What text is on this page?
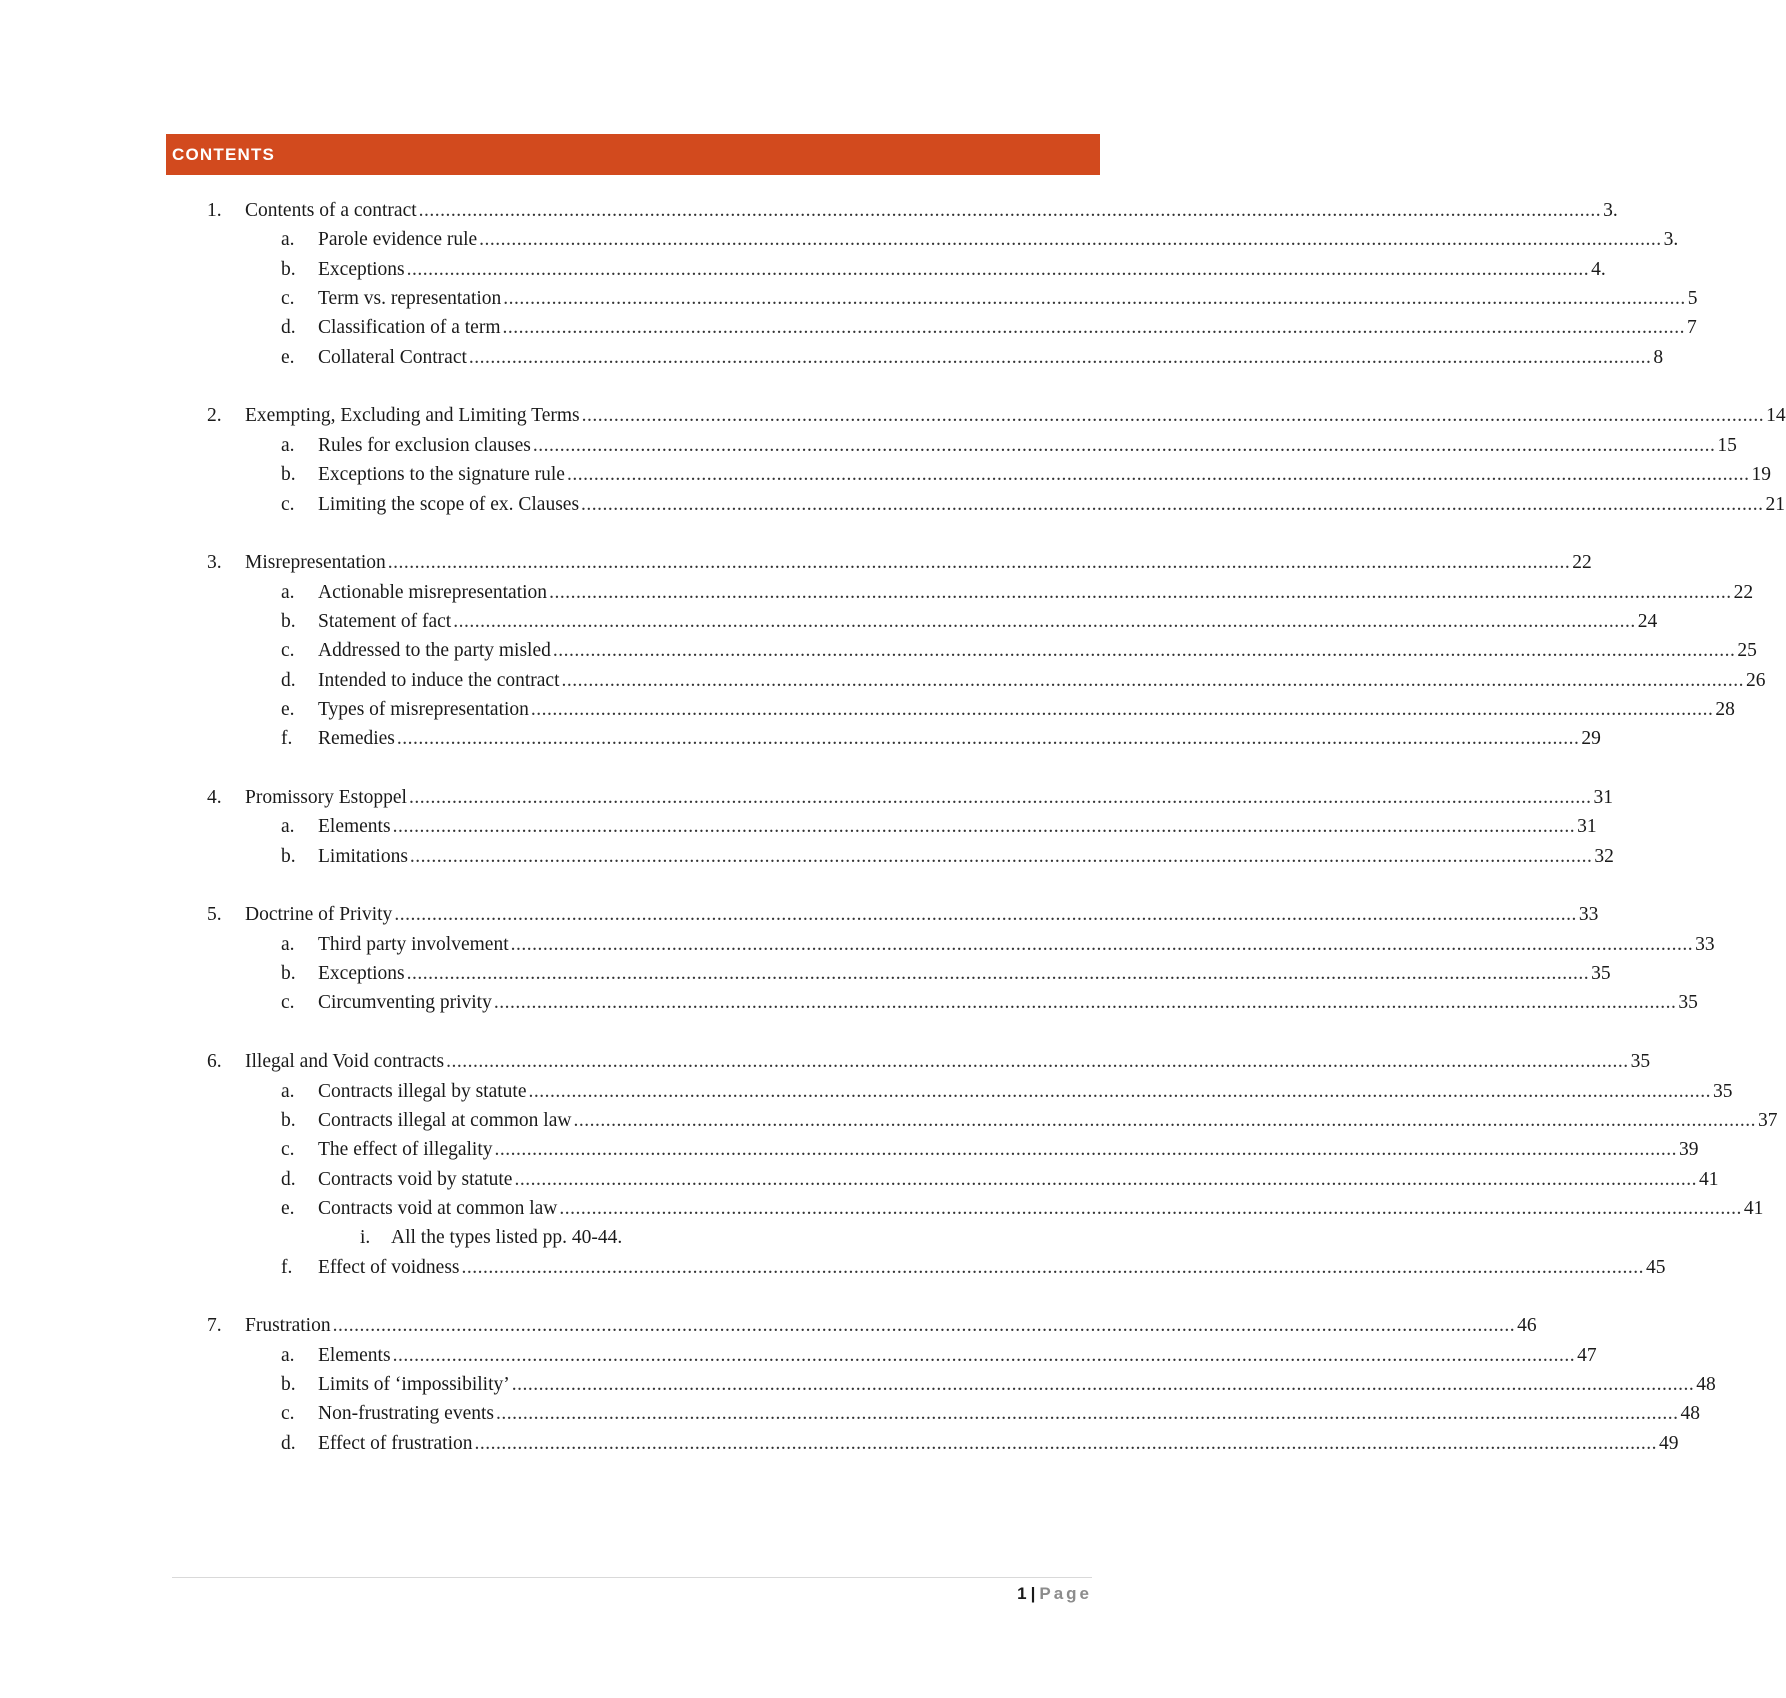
CONTENTS
1. Contents of a contract ............................................................................................................................................................................................................................ 3.
a. Parole evidence rule ............................................................................................................................................................................................................................ 3.
b. Exceptions ............................................................................................................................................................................................................................ 4.
c. Term vs. representation ............................................................................................................................................................................................................................ 5
d. Classification of a term ............................................................................................................................................................................................................................ 7
e. Collateral Contract ............................................................................................................................................................................................................................ 8
2. Exempting, Excluding and Limiting Terms ............................................................................................................................................................................................................................ 14
a. Rules for exclusion clauses ............................................................................................................................................................................................................................ 15
b. Exceptions to the signature rule ............................................................................................................................................................................................................................ 19
c. Limiting the scope of ex. Clauses ............................................................................................................................................................................................................................ 21
3. Misrepresentation ............................................................................................................................................................................................................................ 22
a. Actionable misrepresentation ............................................................................................................................................................................................................................ 22
b. Statement of fact ............................................................................................................................................................................................................................ 24
c. Addressed to the party misled ............................................................................................................................................................................................................................ 25
d. Intended to induce the contract ............................................................................................................................................................................................................................ 26
e. Types of misrepresentation ............................................................................................................................................................................................................................ 28
f. Remedies ............................................................................................................................................................................................................................ 29
4. Promissory Estoppel ............................................................................................................................................................................................................................ 31
a. Elements ............................................................................................................................................................................................................................ 31
b. Limitations ............................................................................................................................................................................................................................ 32
5. Doctrine of Privity ............................................................................................................................................................................................................................ 33
a. Third party involvement ............................................................................................................................................................................................................................ 33
b. Exceptions ............................................................................................................................................................................................................................ 35
c. Circumventing privity ............................................................................................................................................................................................................................ 35
6. Illegal and Void contracts ............................................................................................................................................................................................................................ 35
a. Contracts illegal by statute ............................................................................................................................................................................................................................ 35
b. Contracts illegal at common law ............................................................................................................................................................................................................................ 37
c. The effect of illegality ............................................................................................................................................................................................................................ 39
d. Contracts void by statute ............................................................................................................................................................................................................................ 41
e. Contracts void at common law ............................................................................................................................................................................................................................ 41
i. All the types listed pp. 40-44.
f. Effect of voidness ............................................................................................................................................................................................................................ 45
7. Frustration ............................................................................................................................................................................................................................ 46
a. Elements ............................................................................................................................................................................................................................ 47
b. Limits of ‘impossibility’ ............................................................................................................................................................................................................................ 48
c. Non-frustrating events ............................................................................................................................................................................................................................ 48
d. Effect of frustration ............................................................................................................................................................................................................................ 49
1 | Page
